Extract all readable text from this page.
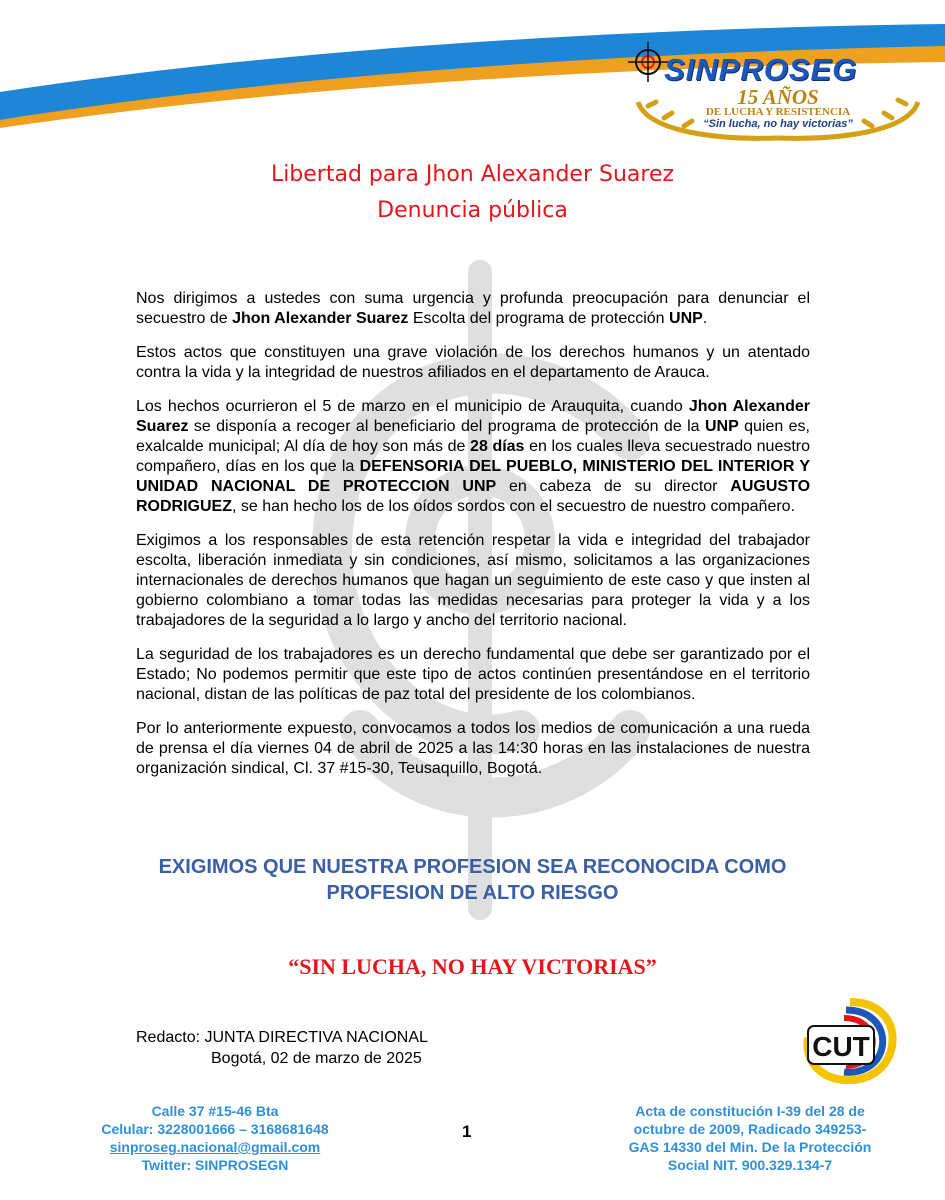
SINPROSEG
15 AÑOS
DE LUCHA Y RESISTENCIA
“Sin lucha, no hay victorias”
Libertad para Jhon Alexander Suarez
Denuncia pública

Nos dirigimos a ustedes con suma urgencia y profunda preocupación para denunciar el secuestro de Jhon Alexander Suarez Escolta del programa de protección UNP.

Estos actos que constituyen una grave violación de los derechos humanos y un atentado contra la vida y la integridad de nuestros afiliados en el departamento de Arauca.

Los hechos ocurrieron el 5 de marzo en el municipio de Arauquita, cuando Jhon Alexander Suarez se disponía a recoger al beneficiario del programa de protección de la UNP quien es, exalcalde municipal; Al día de hoy son más de 28 días en los cuales lleva secuestrado nuestro compañero, días en los que la DEFENSORIA DEL PUEBLO, MINISTERIO DEL INTERIOR Y UNIDAD NACIONAL DE PROTECCION UNP en cabeza de su director AUGUSTO RODRIGUEZ, se han hecho los de los oídos sordos con el secuestro de nuestro compañero.

Exigimos a los responsables de esta retención respetar la vida e integridad del trabajador escolta, liberación inmediata y sin condiciones, así mismo, solicitamos a las organizaciones internacionales de derechos humanos que hagan un seguimiento de este caso y que insten al gobierno colombiano a tomar todas las medidas necesarias para proteger la vida y a los trabajadores de la seguridad a lo largo y ancho del territorio nacional.

La seguridad de los trabajadores es un derecho fundamental que debe ser garantizado por el Estado; No podemos permitir que este tipo de actos continúen presentándose en el territorio nacional, distan de las políticas de paz total del presidente de los colombianos.

Por lo anteriormente expuesto, convocamos a todos los medios de comunicación a una rueda de prensa el día viernes 04 de abril de 2025 a las 14:30 horas en las instalaciones de nuestra organización sindical, Cl. 37 #15-30, Teusaquillo, Bogotá.

EXIGIMOS QUE NUESTRA PROFESION SEA RECONOCIDA COMO
PROFESION DE ALTO RIESGO
“SIN LUCHA, NO HAY VICTORIAS”
Redacto: JUNTA DIRECTIVA NACIONAL
Bogotá, 02 de marzo de 2025	CUT
Calle 37 #15-46 Bta
Celular: 3228001666 – 3168681648
sinproseg.nacional@gmail.com
Twitter: SINPROSEGN
1
Acta de constitución I-39 del 28 de
octubre de 2009, Radicado 349253-
GAS 14330 del Min. De la Protección
Social NIT. 900.329.134-7
